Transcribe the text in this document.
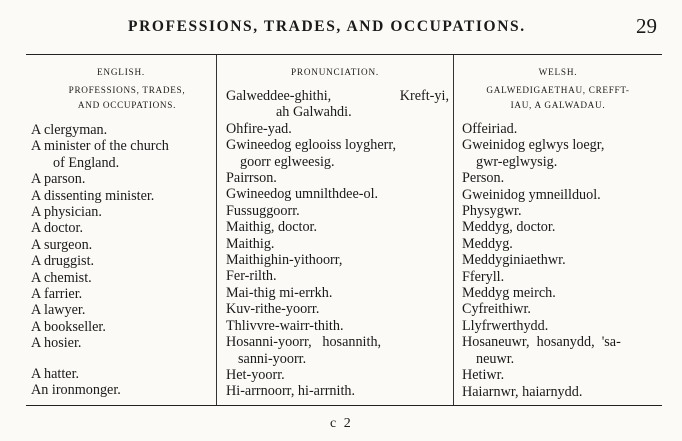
PROFESSIONS, TRADES, AND OCCUPATIONS.	29
ENGLISH.
PROFESSIONS, TRADES,
AND OCCUPATIONS.
A clergyman.
A minister of the church
of England.
A parson.
A dissenting minister.
A physician.
A doctor.
A surgeon.
A druggist.
A chemist.
A farrier.
A lawyer.
A bookseller.
A hosier.
A hatter.
An ironmonger.
PRONUNCIATION.
Galweddee-ghithi,	Kreft-yi,
ah Galwahdi.
Ohfire-yad.
Gwineedog eglooiss loygherr,
goorr eglweesig.
Pairrson.
Gwineedog umnilthdee-ol.
Fussuggoorr.
Maithig, doctor.
Maithig.
Maithighin-yithoorr,
Fer-rilth.
Mai-thig mi-errkh.
Kuv-rithe-yoorr.
Thlivvre-wairr-thith.
Hosanni-yoorr,   hosannith,
sanni-yoorr.
Het-yoorr.
Hi-arrnoorr, hi-arrnith.
WELSH.
GALWEDIGAETHAU, CREFFT-
IAU, A GALWADAU.
Offeiriad.
Gweinidog eglwys loegr,
gwr-eglwysig.
Person.
Gweinidog ymneillduol.
Physygwr.
Meddyg, doctor.
Meddyg.
Meddyginiaethwr.
Fferyll.
Meddyg meirch.
Cyfreithiwr.
Llyfrwerthydd.
Hosaneuwr,  hosanydd,  'sa-
neuwr.
Hetiwr.
Haiarnwr, haiarnydd.
c 2
